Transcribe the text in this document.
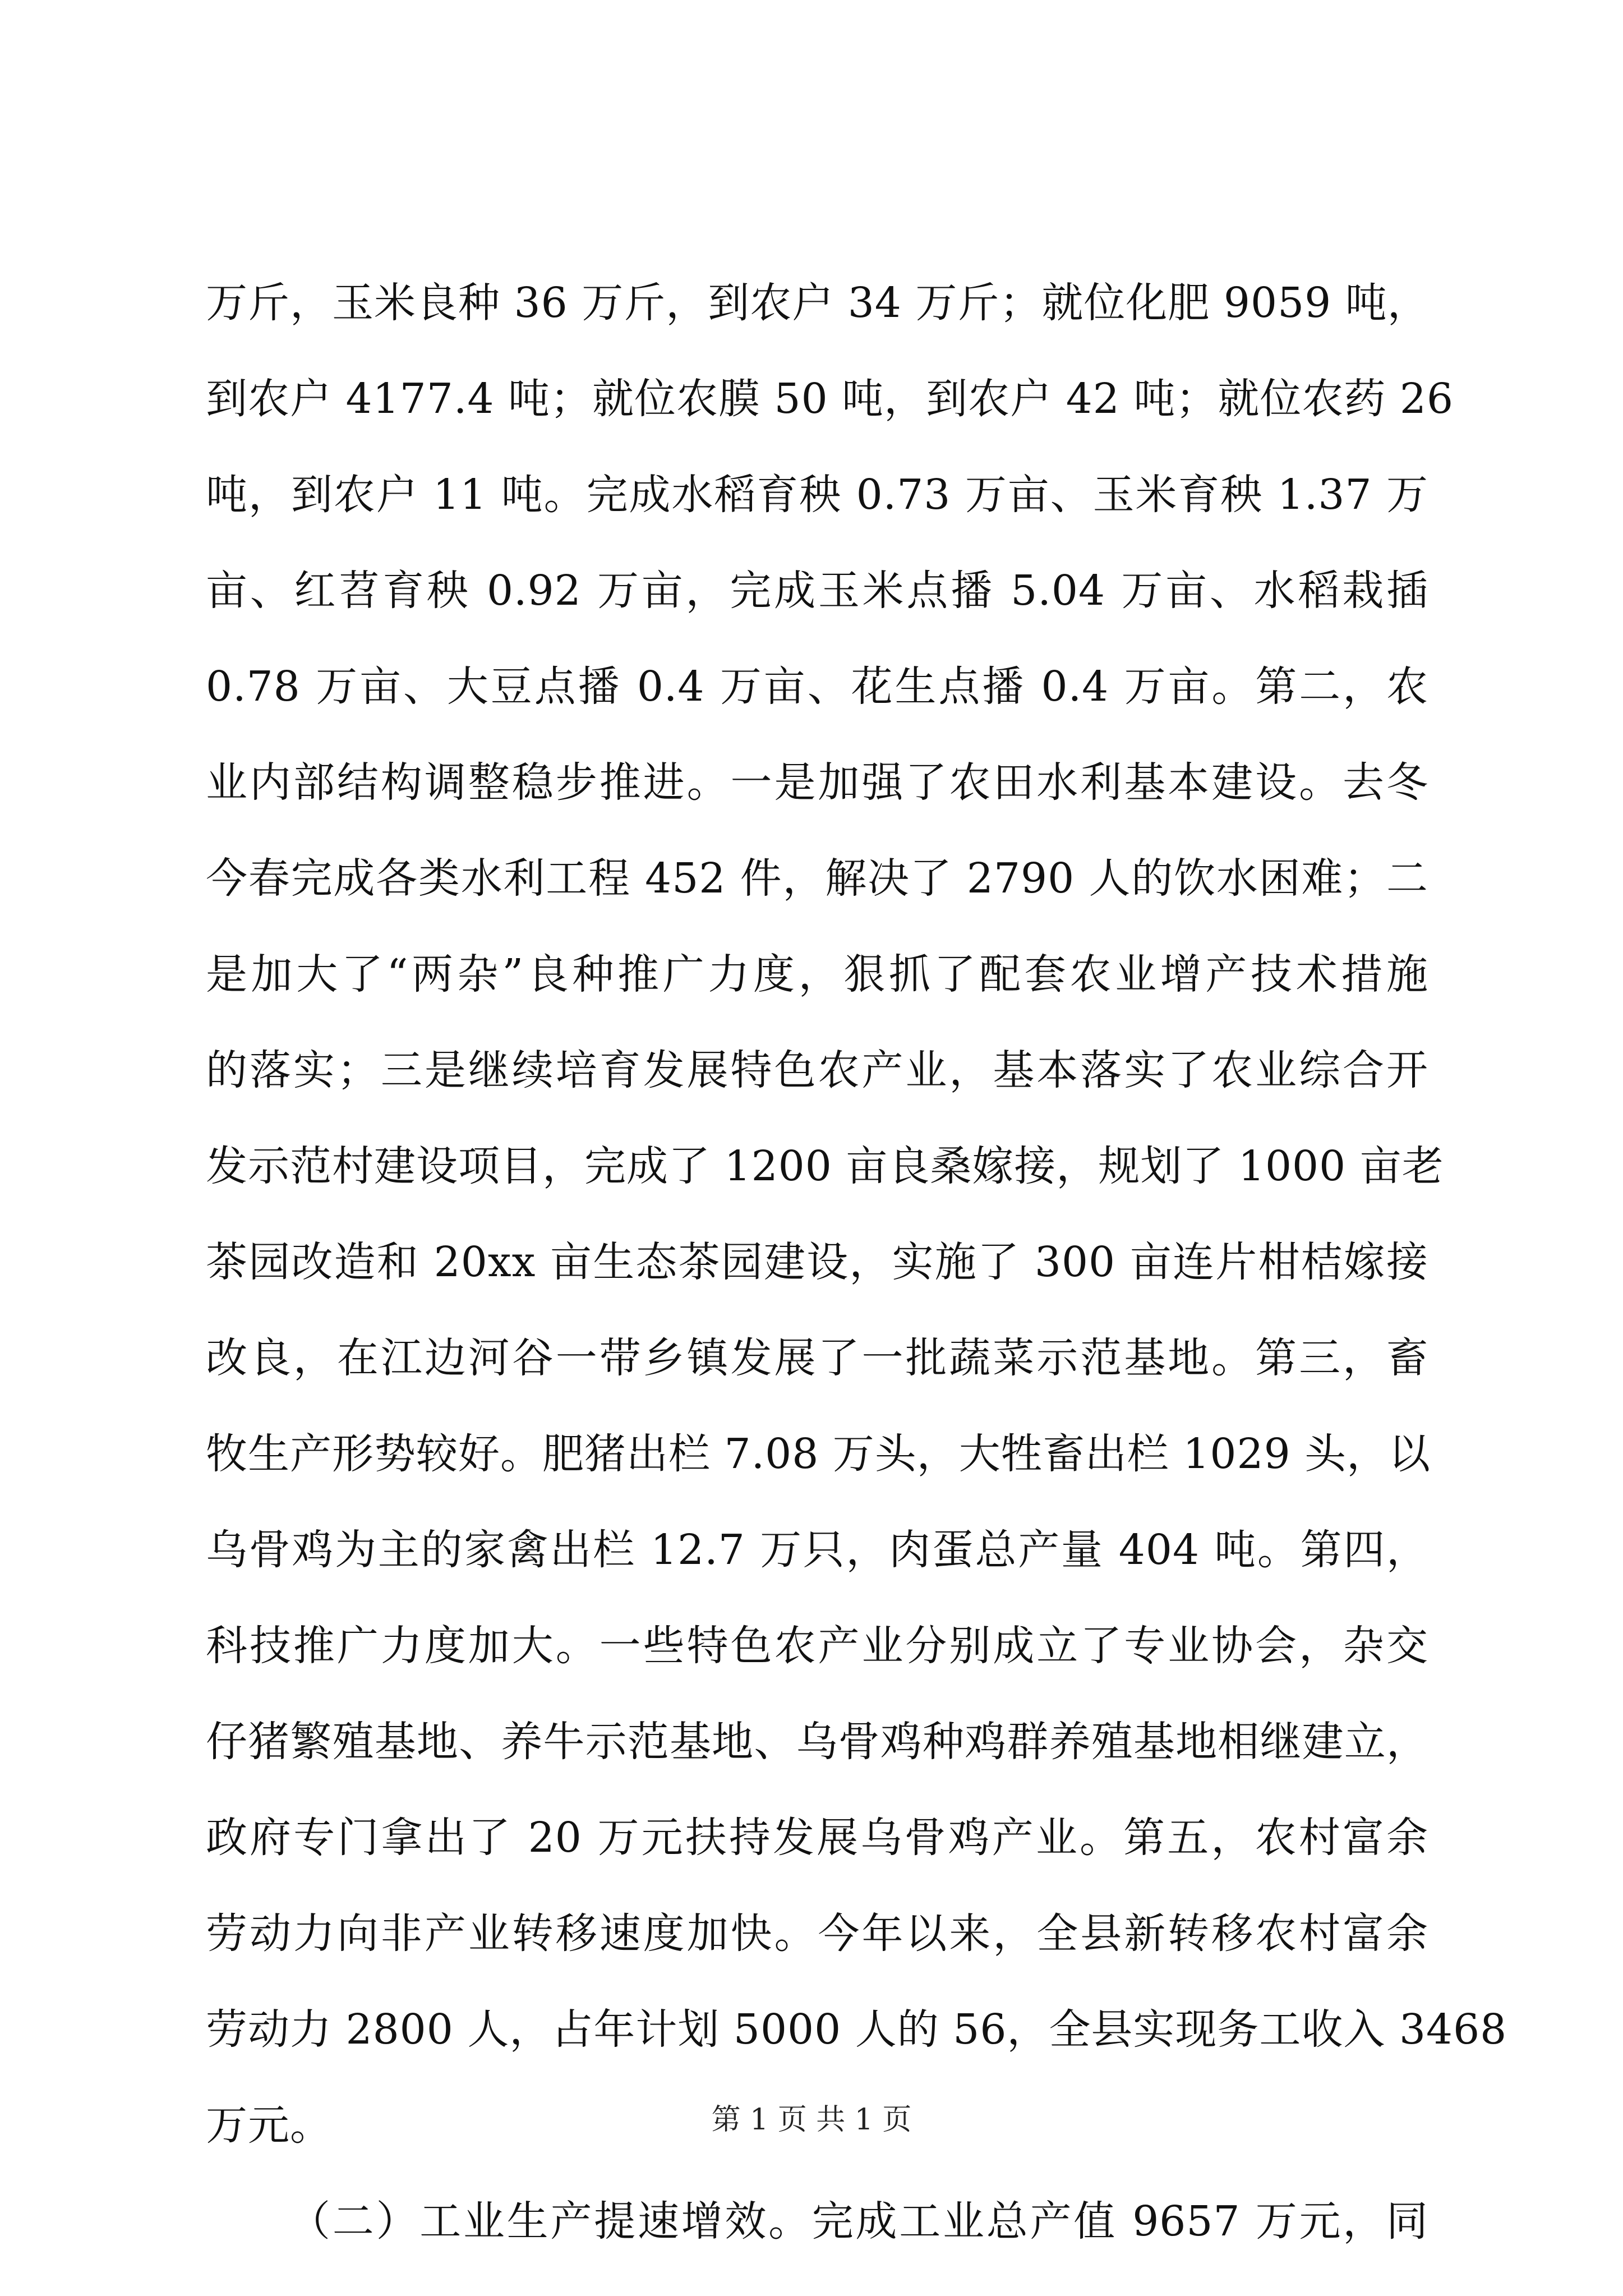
万斤，玉米良种 36 万斤，到农户 34 万斤；就位化肥 9059 吨，
到农户 4177.4 吨；就位农膜 50 吨，到农户 42 吨；就位农药 26
吨，到农户 11 吨。完成水稻育秧 0.73 万亩、玉米育秧 1.37 万
亩、红苕育秧 0.92 万亩，完成玉米点播 5.04 万亩、水稻栽插
0.78 万亩、大豆点播 0.4 万亩、花生点播 0.4 万亩。第二，农
业内部结构调整稳步推进。一是加强了农田水利基本建设。去冬
今春完成各类水利工程 452 件，解决了 2790 人的饮水困难；二
是加大了“两杂”良种推广力度，狠抓了配套农业增产技术措施
的落实；三是继续培育发展特色农产业，基本落实了农业综合开
发示范村建设项目，完成了 1200 亩良桑嫁接，规划了 1000 亩老
茶园改造和 20xx 亩生态茶园建设，实施了 300 亩连片柑桔嫁接
改良，在江边河谷一带乡镇发展了一批蔬菜示范基地。第三，畜
牧生产形势较好。肥猪出栏 7.08 万头，大牲畜出栏 1029 头，以
乌骨鸡为主的家禽出栏 12.7 万只，肉蛋总产量 404 吨。第四，
科技推广力度加大。一些特色农产业分别成立了专业协会，杂交
仔猪繁殖基地、养牛示范基地、乌骨鸡种鸡群养殖基地相继建立，
政府专门拿出了 20 万元扶持发展乌骨鸡产业。第五，农村富余
劳动力向非产业转移速度加快。今年以来，全县新转移农村富余
劳动力 2800 人，占年计划 5000 人的 56，全县实现务工收入 3468
万元。
（二）工业生产提速增效。完成工业总产值 9657 万元，同
第 1 页 共 1 页
